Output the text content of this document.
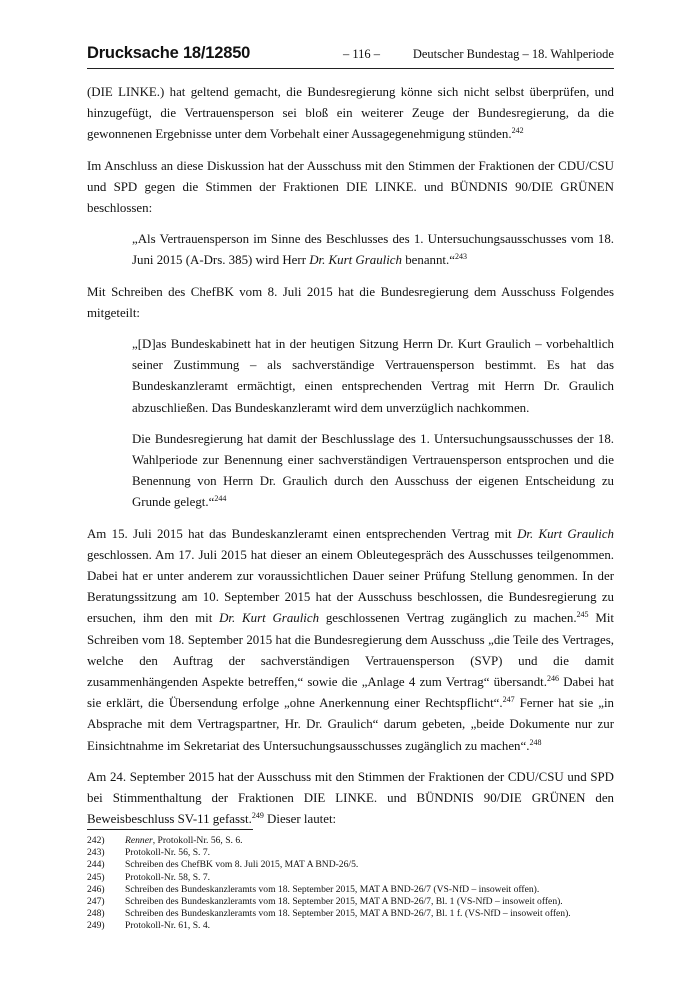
Drucksache 18/12850	– 116 –	Deutscher Bundestag – 18. Wahlperiode

(DIE LINKE.) hat geltend gemacht, die Bundesregierung könne sich nicht selbst überprüfen, und hinzugefügt, die Vertrauensperson sei bloß ein weiterer Zeuge der Bundesregierung, da die gewonnenen Ergebnisse unter dem Vorbehalt einer Aussagegenehmigung stünden.$^{242}$

Im Anschluss an diese Diskussion hat der Ausschuss mit den Stimmen der Fraktionen der CDU/CSU und SPD gegen die Stimmen der Fraktionen DIE LINKE. und BÜNDNIS 90/DIE GRÜNEN beschlossen:

„Als Vertrauensperson im Sinne des Beschlusses des 1. Untersuchungsausschusses vom 18. Juni 2015 (A-Drs. 385) wird Herr Dr. Kurt Graulich benannt.“$^{243}$

Mit Schreiben des ChefBK vom 8. Juli 2015 hat die Bundesregierung dem Ausschuss Folgendes mitgeteilt:

„[D]as Bundeskabinett hat in der heutigen Sitzung Herrn Dr. Kurt Graulich – vorbehaltlich seiner Zustimmung – als sachverständige Vertrauensperson bestimmt. Es hat das Bundeskanzleramt ermächtigt, einen entsprechenden Vertrag mit Herrn Dr. Graulich abzuschließen. Das Bundeskanzleramt wird dem unverzüglich nachkommen.

Die Bundesregierung hat damit der Beschlusslage des 1. Untersuchungsausschusses der 18. Wahlperiode zur Benennung einer sachverständigen Vertrauensperson entsprochen und die Benennung von Herrn Dr. Graulich durch den Ausschuss der eigenen Entscheidung zu Grunde gelegt.“$^{244}$

Am 15. Juli 2015 hat das Bundeskanzleramt einen entsprechenden Vertrag mit Dr. Kurt Graulich geschlossen. Am 17. Juli 2015 hat dieser an einem Obleutegespräch des Ausschusses teilgenommen. Dabei hat er unter anderem zur voraussichtlichen Dauer seiner Prüfung Stellung genommen. In der Beratungssitzung am 10. September 2015 hat der Ausschuss beschlossen, die Bundesregierung zu ersuchen, ihm den mit Dr. Kurt Graulich geschlossenen Vertrag zugänglich zu machen.$^{245}$ Mit Schreiben vom 18. September 2015 hat die Bundesregierung dem Ausschuss „die Teile des Vertrages, welche den Auftrag der sachverständigen Vertrauensperson (SVP) und die damit zusammenhängenden Aspekte betreffen,“ sowie die „Anlage 4 zum Vertrag“ übersandt.$^{246}$ Dabei hat sie erklärt, die Übersendung erfolge „ohne Anerkennung einer Rechtspflicht“.$^{247}$ Ferner hat sie „in Absprache mit dem Vertragspartner, Hr. Dr. Graulich“ darum gebeten, „beide Dokumente nur zur Einsichtnahme im Sekretariat des Untersuchungsausschusses zugänglich zu machen“.$^{248}$

Am 24. September 2015 hat der Ausschuss mit den Stimmen der Fraktionen der CDU/CSU und SPD bei Stimmenthaltung der Fraktionen DIE LINKE. und BÜNDNIS 90/DIE GRÜNEN den Beweisbeschluss SV-11 gefasst.$^{249}$ Dieser lautet:

242)	Renner, Protokoll-Nr. 56, S. 6.
243)	Protokoll-Nr. 56, S. 7.
244)	Schreiben des ChefBK vom 8. Juli 2015, MAT A BND-26/5.
245)	Protokoll-Nr. 58, S. 7.
246)	Schreiben des Bundeskanzleramts vom 18. September 2015, MAT A BND-26/7 (VS-NfD – insoweit offen).
247)	Schreiben des Bundeskanzleramts vom 18. September 2015, MAT A BND-26/7, Bl. 1 (VS-NfD – insoweit offen).
248)	Schreiben des Bundeskanzleramts vom 18. September 2015, MAT A BND-26/7, Bl. 1 f. (VS-NfD – insoweit offen).
249)	Protokoll-Nr. 61, S. 4.
